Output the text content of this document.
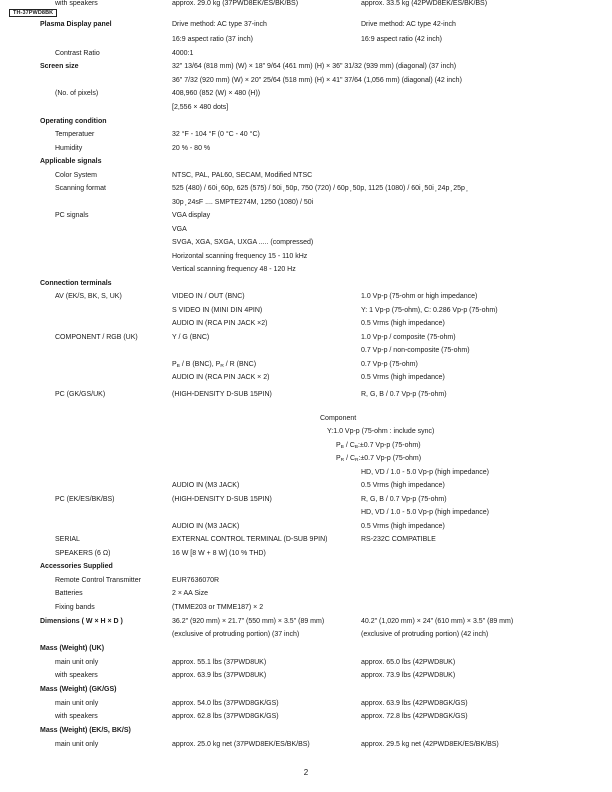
TH-37PWD8BK
Plasma Display panel	Drive method: AC type 37-inch	Drive method: AC type 42-inch
16:9 aspect ratio (37 inch)	16:9 aspect ratio (42 inch)
Contrast Ratio	4000:1
Screen size	32" 13/64 (818 mm) (W) × 18" 9/64 (461 mm) (H) × 36" 31/32 (939 mm) (diagonal) (37 inch)
36" 7/32 (920 mm) (W) × 20" 25/64 (518 mm) (H) × 41" 37/64 (1,056 mm) (diagonal) (42 inch)
(No. of pixels)	408,960 (852 (W) × 480 (H))
[2,556 × 480 dots]
Operating condition
Temperatuer	32 °F - 104 °F (0 °C - 40 °C)
Humidity	20 % - 80 %
Applicable signals
Color System	NTSC, PAL, PAL60, SECAM, Modified NTSC
Scanning format	525 (480) / 60i ̧ 60p, 625 (575) / 50i ̧ 50p, 750 (720) / 60p ̧ 50p, 1125 (1080) / 60i ̧ 50i ̧ 24p ̧ 25p ̧
30p ̧ 24sF .... SMPTE274M, 1250 (1080) / 50i
PC signals	VGA display
VGA
SVGA, XGA, SXGA, UXGA ..... (compressed)
Horizontal scanning frequency 15 - 110 kHz
Vertical scanning frequency 48 - 120 Hz
Connection terminals
AV (EK/S, BK, S, UK)	VIDEO IN / OUT (BNC)	1.0 Vp-p (75-ohm or high impedance)
S VIDEO IN (MINI DIN 4PIN)	Y: 1 Vp-p (75-ohm), C: 0.286 Vp-p (75-ohm)
AUDIO IN (RCA PIN JACK ×2)	0.5 Vrms (high impedance)
COMPONENT / RGB (UK)	Y / G (BNC)	1.0 Vp-p / composite (75-ohm)
0.7 Vp-p / non-composite (75-ohm)
$P_B$ / B (BNC), $P_R$ / R (BNC)	0.7 Vp-p (75-ohm)
AUDIO IN (RCA PIN JACK × 2)	0.5 Vrms (high impedance)
PC (GK/GS/UK)	(HIGH-DENSITY D-SUB 15PIN)	R, G, B / 0.7 Vp-p (75-ohm)
Component
Y:1.0 Vp-p (75-ohm : include sync)
$P_B$ / $C_B:\pm 0.7$ Vp-p (75-ohm)
$P_R$ / $C_R:\pm 0.7$ Vp-p (75-ohm)
HD, VD / 1.0 - 5.0 Vp-p (high impedance)
AUDIO IN (M3 JACK)	0.5 Vrms (high impedance)
PC (EK/ES/BK/BS)	(HIGH-DENSITY D-SUB 15PIN)	R, G, B / 0.7 Vp-p (75-ohm)
HD, VD / 1.0 - 5.0 Vp-p (high impedance)
AUDIO IN (M3 JACK)	0.5 Vrms (high impedance)
SERIAL	EXTERNAL CONTROL TERMINAL (D-SUB 9PIN)	RS-232C COMPATIBLE
SPEAKERS (6 Ω)	16 W [8 W + 8 W] (10 % THD)
Accessories Supplied
Remote Control Transmitter	EUR7636070R
Batteries	2 × AA Size
Fixing bands	(TMME203 or TMME187) × 2
Dimensions ( W × H × D )	36.2" (920 mm) × 21.7" (550 mm) × 3.5" (89 mm)	40.2" (1,020 mm) × 24" (610 mm) × 3.5" (89 mm)
(exclusive of protruding portion) (37 inch)	(exclusive of protruding portion) (42 inch)
Mass (Weight) (UK)
main unit only	approx. 55.1 lbs (37PWD8UK)	approx. 65.0 lbs (42PWD8UK)
with speakers	approx. 63.9 lbs (37PWD8UK)	approx. 73.9 lbs (42PWD8UK)
Mass (Weight) (GK/GS)
main unit only	approx. 54.0 lbs (37PWD8GK/GS)	approx. 63.9 lbs (42PWD8GK/GS)
with speakers	approx. 62.8 lbs (37PWD8GK/GS)	approx. 72.8 lbs (42PWD8GK/GS)
Mass (Weight) (EK/S, BK/S)
main unit only	approx. 25.0 kg net (37PWD8EK/ES/BK/BS)	approx. 29.5 kg net (42PWD8EK/ES/BK/BS)
with speakers	approx. 29.0 kg (37PWD8EK/ES/BK/BS)	approx. 33.5 kg (42PWD8EK/ES/BK/BS)
2
